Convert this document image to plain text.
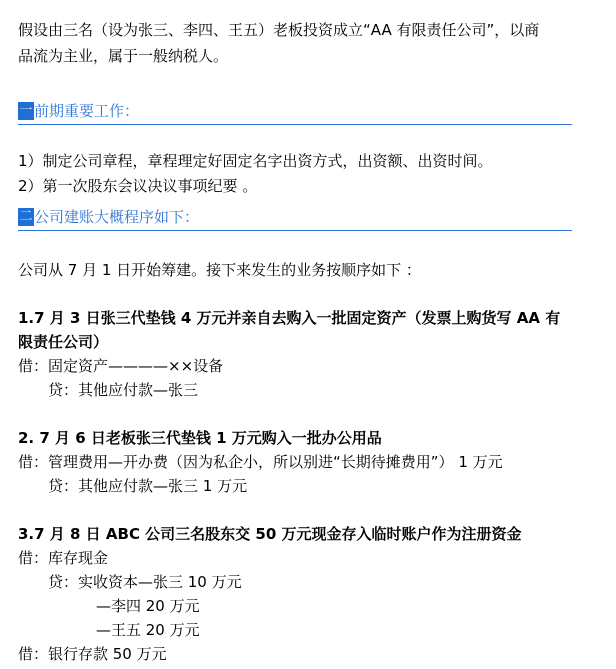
假设由三名（设为张三、李四、王五）老板投资成立“AA 有限责任公司”，以商
品流为主业，属于一般纳税人。
一 前期重要工作：
1）制定公司章程，章程理定好固定名字出资方式，出资额、出资时间。
2）第一次股东会议决议事项纪要 。
二 公司建账大概程序如下：
公司从 7 月 1 日开始筹建。接下来发生的业务按顺序如下 ：
1.7 月 3 日张三代垫钱 4 万元并亲自去购入一批固定资产（发票上购货写 AA 有
限责任公司）
借：固定资产————××设备
贷：其他应付款—张三
2. 7 月 6 日老板张三代垫钱 1 万元购入一批办公用品
借：管理费用—开办费（因为私企小，所以别进“长期待摊费用”） 1 万元
贷：其他应付款—张三 1 万元
3.7 月 8 日 ABC 公司三名股东交 50 万元现金存入临时账户作为注册资金
借：库存现金
贷：实收资本—张三 10 万元
—李四 20 万元
—王五 20 万元
借：银行存款 50 万元
